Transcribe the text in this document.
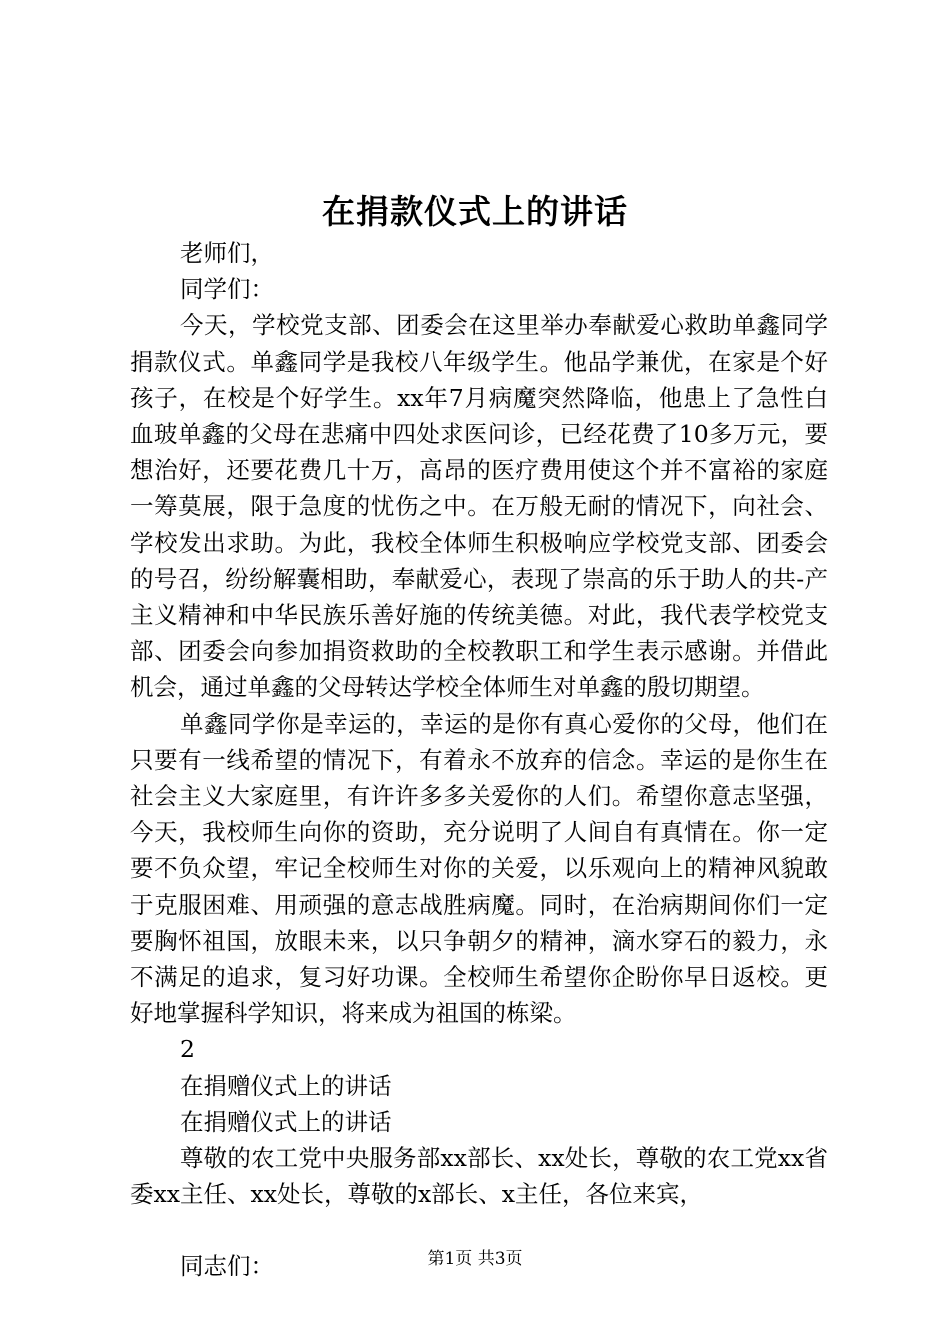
在捐款仪式上的讲话

老师们，

同学们：

今天，学校党支部、团委会在这里举办奉献爱心救助单鑫同学捐款仪式。单鑫同学是我校八年级学生。他品学兼优，在家是个好孩子，在校是个好学生。xx年7月病魔突然降临，他患上了急性白血玻单鑫的父母在悲痛中四处求医问诊，已经花费了10多万元，要想治好，还要花费几十万，高昂的医疗费用使这个并不富裕的家庭一筹莫展，限于急度的忧伤之中。在万般无耐的情况下，向社会、学校发出求助。为此，我校全体师生积极响应学校党支部、团委会的号召，纷纷解囊相助，奉献爱心，表现了崇高的乐于助人的共-产主义精神和中华民族乐善好施的传统美德。对此，我代表学校党支部、团委会向参加捐资救助的全校教职工和学生表示感谢。并借此机会，通过单鑫的父母转达学校全体师生对单鑫的殷切期望。

单鑫同学你是幸运的，幸运的是你有真心爱你的父母，他们在只要有一线希望的情况下，有着永不放弃的信念。幸运的是你生在社会主义大家庭里，有许许多多关爱你的人们。希望你意志坚强，今天，我校师生向你的资助，充分说明了人间自有真情在。你一定要不负众望，牢记全校师生对你的关爱，以乐观向上的精神风貌敢于克服困难、用顽强的意志战胜病魔。同时，在治病期间你们一定要胸怀祖国，放眼未来，以只争朝夕的精神，滴水穿石的毅力，永不满足的追求，复习好功课。全校师生希望你企盼你早日返校。更好地掌握科学知识，将来成为祖国的栋梁。

2

在捐赠仪式上的讲话

在捐赠仪式上的讲话

尊敬的农工党中央服务部xx部长、xx处长，尊敬的农工党xx省委xx主任、xx处长，尊敬的x部长、x主任，各位来宾，

同志们：	第1页 共3页
